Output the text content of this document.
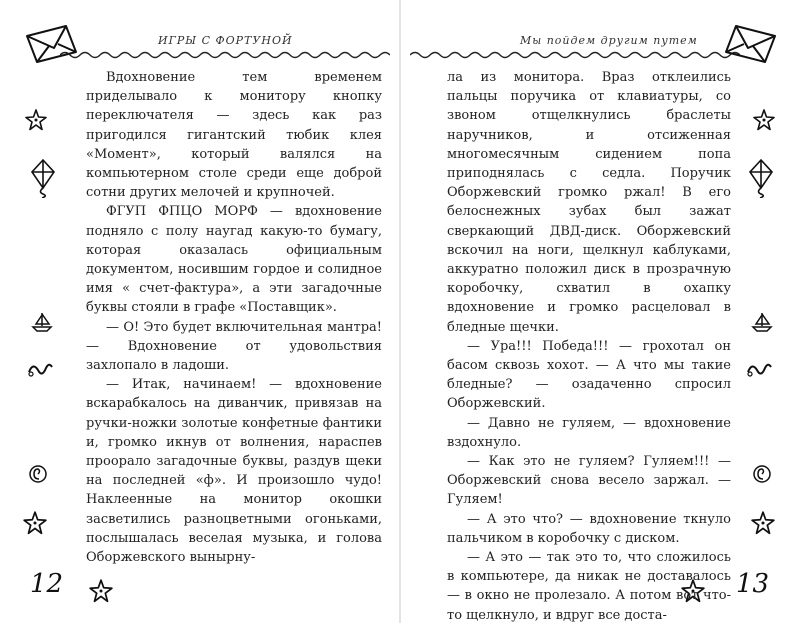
ИГРЫ С ФОРТУНОЙ

Вдохновение тем временем приделывало к монитору кнопку переключателя — здесь как раз пригодился гигантский тюбик клея «Момент», который валялся на компьютерном столе среди еще доброй сотни других мелочей и крупночей.

ФГУП ФПЦО МОРФ — вдохновение подняло с полу наугад какую-то бумагу, которая оказалась официальным документом, носившим гордое и солидное имя « счет-фактура», а эти загадочные буквы стояли в графе «Поставщик».

— О! Это будет включительная мантра! — Вдохновение от удовольствия захлопало в ладоши.

— Итак, начинаем! — вдохновение вскарабкалось на диванчик, привязав на ручки-ножки золотые конфетные фантики и, громко икнув от волнения, нараспев проорало загадочные буквы, раздув щеки на последней «ф». И произошло чудо! Наклеенные на монитор окошки засветились разноцветными огоньками, послышалась веселая музыка, и голова Оборжевского вынырну-

12
Мы пойдем другим путем

ла из монитора. Враз отклеились пальцы поручика от клавиатуры, со звоном отщелкнулись браслеты наручников, и отсиженная многомесячным сидением попа приподнялась с седла. Поручик Оборжевский громко ржал! В его белоснежных зубах был зажат сверкающий ДВД-диск. Оборжевский вскочил на ноги, щелкнул каблуками, аккуратно положил диск в прозрачную коробочку, схватил в охапку вдохновение и громко расцеловал в бледные щечки.

— Ура!!! Победа!!! — грохотал он басом сквозь хохот. — А что мы такие бледные? — озадаченно спросил Оборжевский.

— Давно не гуляем, — вдохновение вздохнуло.

— Как это не гуляем? Гуляем!!! — Оборжевский снова весело заржал. — Гуляем!

— А это что? — вдохновение ткнуло пальчиком в коробочку с диском.

— А это — так это то, что сложилось в компьютере, да никак не доставалось — в окно не пролезало. А потом вот что-то щелкнуло, и вдруг все доста-

13
